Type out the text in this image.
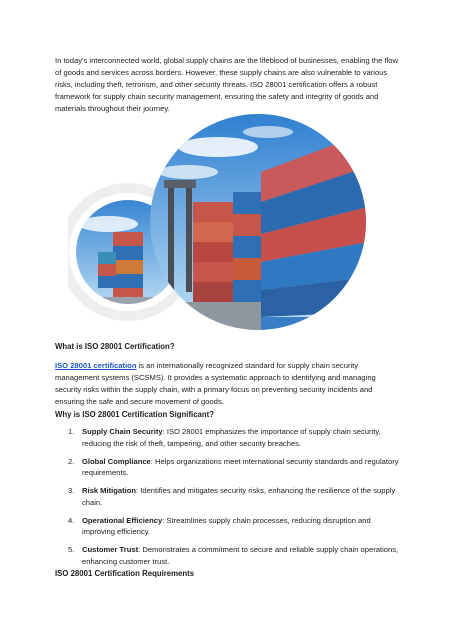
In today's interconnected world, global supply chains are the lifeblood of businesses, enabling the flow of goods and services across borders. However, these supply chains are also vulnerable to various risks, including theft, terrorism, and other security threats. ISO 28001 certification offers a robust framework for supply chain security management, ensuring the safety and integrity of goods and materials throughout their journey.

What is ISO 28001 Certification?

ISO 28001 certification is an internationally recognized standard for supply chain security management systems (SCSMS). It provides a systematic approach to identifying and managing security risks within the supply chain, with a primary focus on preventing security incidents and ensuring the safe and secure movement of goods.

Why is ISO 28001 Certification Significant?
1. Supply Chain Security: ISO 28001 emphasizes the importance of supply chain security, reducing the risk of theft, tampering, and other security breaches.
2. Global Compliance: Helps organizations meet international security standards and regulatory requirements.
3. Risk Mitigation: Identifies and mitigates security risks, enhancing the resilience of the supply chain.
4. Operational Efficiency: Streamlines supply chain processes, reducing disruption and improving efficiency.
5. Customer Trust: Demonstrates a commitment to secure and reliable supply chain operations, enhancing customer trust.
ISO 28001 Certification Requirements
